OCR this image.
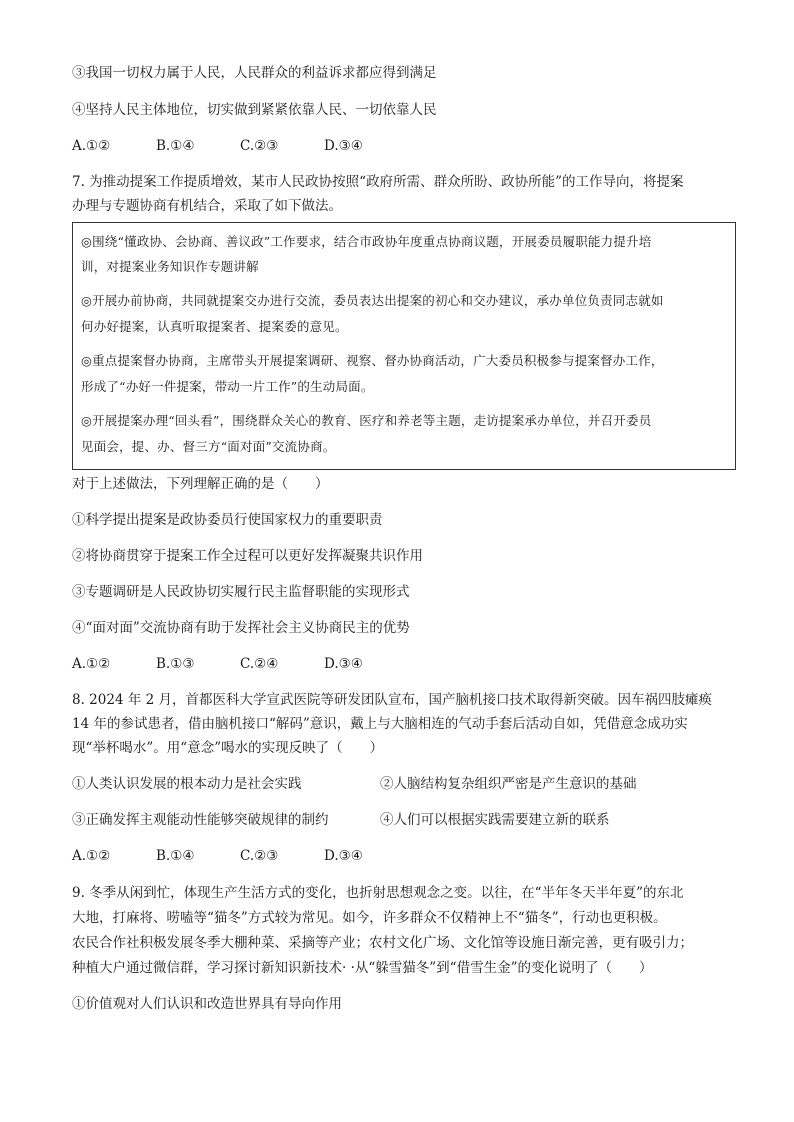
③我国一切权力属于人民，人民群众的利益诉求都应得到满足
④坚持人民主体地位，切实做到紧紧依靠人民、一切依靠人民
A.①②	B.①④	C.②③	D.③④
7. 为推动提案工作提质增效，某市人民政协按照“政府所需、群众所盼、政协所能”的工作导向，将提案
办理与专题协商有机结合，采取了如下做法。
◎围绕“懂政协、会协商、善议政”工作要求，结合市政协年度重点协商议题，开展委员履职能力提升培
训，对提案业务知识作专题讲解
◎开展办前协商，共同就提案交办进行交流，委员表达出提案的初心和交办建议，承办单位负责同志就如
何办好提案，认真听取提案者、提案委的意见。
◎重点提案督办协商，主席带头开展提案调研、视察、督办协商活动，广大委员积极参与提案督办工作，
形成了“办好一件提案，带动一片工作”的生动局面。
◎开展提案办理“回头看”，围绕群众关心的教育、医疗和养老等主题，走访提案承办单位，并召开委员
见面会，提、办、督三方“面对面”交流协商。
对于上述做法，下列理解正确的是（　　）
①科学提出提案是政协委员行使国家权力的重要职责
②将协商贯穿于提案工作全过程可以更好发挥凝聚共识作用
③专题调研是人民政协切实履行民主监督职能的实现形式
④“面对面”交流协商有助于发挥社会主义协商民主的优势
A.①②	B.①③	C.②④	D.③④
8. 2024 年 2 月，首都医科大学宣武医院等研发团队宣布，国产脑机接口技术取得新突破。因车祸四肢瘫痪
14 年的参试患者，借由脑机接口“解码”意识，戴上与大脑相连的气动手套后活动自如，凭借意念成功实
现“举杯喝水”。用“意念”喝水的实现反映了（　　）
①人类认识发展的根本动力是社会实践	②人脑结构复杂组织严密是产生意识的基础
③正确发挥主观能动性能够突破规律的制约	④人们可以根据实践需要建立新的联系
A.①②	B.①④	C.②③	D.③④
9. 冬季从闲到忙，体现生产生活方式的变化，也折射思想观念之变。以往，在“半年冬天半年夏”的东北
大地，打麻将、唠嗑等“猫冬”方式较为常见。如今，许多群众不仅精神上不“猫冬”，行动也更积极。
农民合作社积极发展冬季大棚种菜、采摘等产业；农村文化广场、文化馆等设施日渐完善，更有吸引力；
种植大户通过微信群，学习探讨新知识新技术· ·从“躲雪猫冬”到“借雪生金”的变化说明了（　　）
①价值观对人们认识和改造世界具有导向作用
